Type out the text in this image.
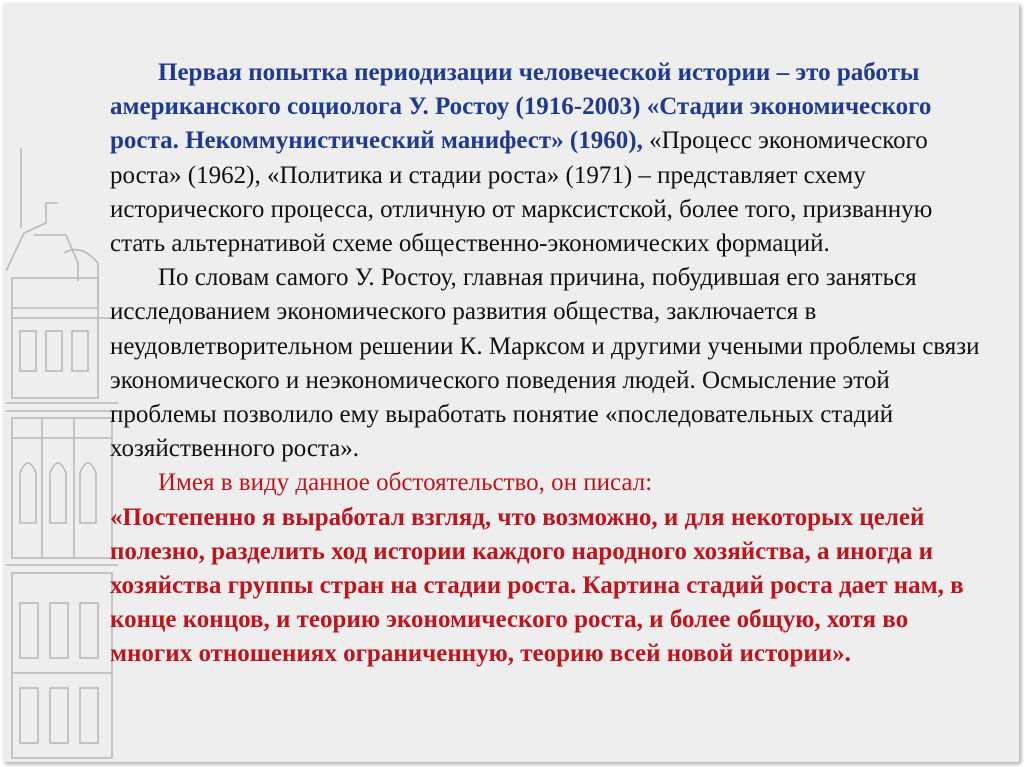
Первая попытка периодизации человеческой истории – это работы американского социолога У. Ростоу (1916-2003) «Стадии экономического роста. Некоммунистический манифест» (1960), «Процесс экономического роста» (1962), «Политика и стадии роста» (1971) – представляет схему исторического процесса, отличную от марксистской, более того, призванную стать альтернативой схеме общественно-экономических формаций.

По словам самого У. Ростоу, главная причина, побудившая его заняться исследованием экономического развития общества, заключается в неудовлетворительном решении К. Марксом и другими учеными проблемы связи экономического и неэкономического поведения людей. Осмысление этой проблемы позволило ему выработать понятие «последовательных стадий хозяйственного роста».

Имея в виду данное обстоятельство, он писал:

«Постепенно я выработал взгляд, что возможно, и для некоторых целей полезно, разделить ход истории каждого народного хозяйства, а иногда и хозяйства группы стран на стадии роста. Картина стадий роста дает нам, в конце концов, и теорию экономического роста, и более общую, хотя во многих отношениях ограниченную, теорию всей новой истории».
